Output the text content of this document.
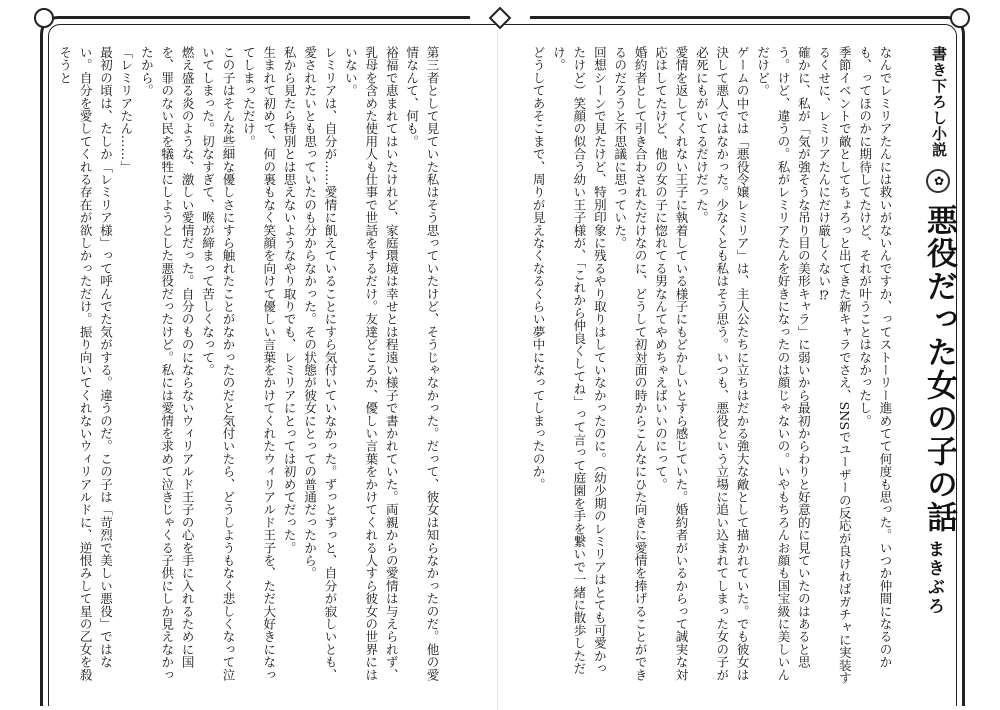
書き下ろし小説 ✿ 悪役だった女の子の話
まきぶろ

なんでレミリアたんには救いがないんですか、ってストーリー進めてて何度も思った。いつか仲間になるのかも、ってほのかに期待してたけど、それが叶うことはなかったし。

季節イベントで敵としてちょろっと出てきた新キャラでさえ、SNSでユーザーの反応が良ければガチャに実装するくせに、レミリアたんにだけ厳しくない⁉

確かに、私が「気が強そうな吊り目の美形キャラ」に弱いから最初からわりと好意的に見ていたのはあると思う。けど、違うの。私がレミリアたんを好きになったのは顔じゃないの。いやもちろんお顔も国宝級に美しいんだけど。

ゲームの中では「悪役令嬢レミリア」は、主人公たちに立ちはだかる強大な敵として描かれていた。でも彼女は決して悪人ではなかった。少なくとも私はそう思う。いつも、悪役という立場に追い込まれてしまった女の子が必死にもがいてるだけだった。

愛情を返してくれない王子に執着している様子にもどかしいとすら感じていた。婚約者がいるからって誠実な対応はしてたけど、他の女の子に惚れてる男なんてやめちゃえばいいのにって。

婚約者として引き合わされただけなのに、どうして初対面の時からこんなにひた向きに愛情を捧げることができるのだろうと不思議に思っていた。

回想シーンで見たけど、特別印象に残るやり取りはしていなかったのに。（幼少期のレミリアはとても可愛かったけど）笑顔の似合う幼い王子様が、「これから仲良くしてね」って言って庭園を手を繋いで一緒に散歩しただけ。

どうしてあそこまで、周りが見えなくなるくらい夢中になってしまったのか。

第三者として見ていた私はそう思っていたけど、そうじゃなかった。だって、彼女は知らなかったのだ。他の愛情なんて、何も。

裕福で恵まれてはいたけれど、家庭環境は幸せとは程遠い様子で書かれていた。両親からの愛情は与えられず、乳母を含めた使用人も仕事で世話をするだけ。友達どころか、優しい言葉をかけてくれる人すら彼女の世界にはいない。

レミリアは、自分が……愛情に飢えていることにすら気付いていなかった。ずっとずっと、自分が寂しいとも、愛されたいとも思っていたのも分からなかった。その状態が彼女にとっての普通だったから。

私から見たら特別とは思えないようなやり取りでも、レミリアにとっては初めてだった。

生まれて初めて、何の裏もなく笑顔を向けて優しい言葉をかけてくれたウィリアルド王子を、ただ大好きになってしまっただけ。

この子はそんな些細な優しさにすら触れたことがなかったのだと気付いたら、どうしようもなく悲しくなって泣いてしまった。切なすぎて、喉が締まって苦しくなって。

燃え盛る炎のような、激しい愛情だった。自分のものにならないウィリアルド王子の心を手に入れるために国を、罪のない民を犠牲にしようとした悪役だったけど。私には愛情を求めて泣きじゃくる子供にしか見えなかったから。

「レミリアたん……」

最初の頃は、たしか「レミリア様」って呼んでた気がする。違うのだ。この子は「苛烈で美しい悪役」ではない。自分を愛してくれる存在が欲しかっただけ。振り向いてくれないウィリアルドに、逆恨みして星の乙女を殺そうと
